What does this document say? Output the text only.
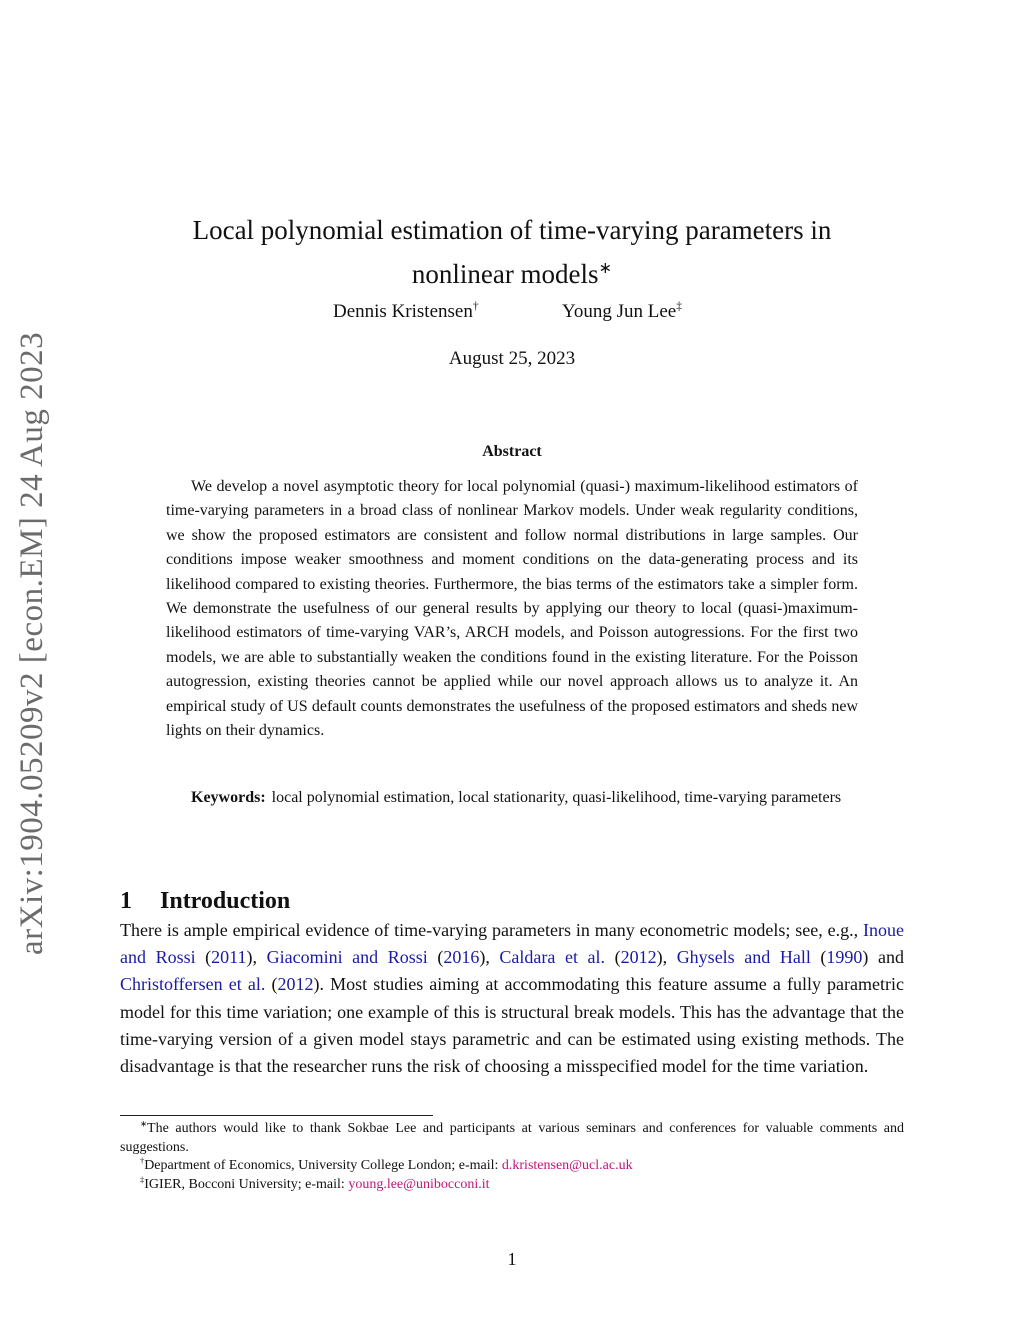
arXiv:1904.05209v2 [econ.EM] 24 Aug 2023
Local polynomial estimation of time-varying parameters in
nonlinear models∗
Dennis Kristensen†	Young Jun Lee‡
August 25, 2023
Abstract

We develop a novel asymptotic theory for local polynomial (quasi-) maximum-likelihood estimators of time-varying parameters in a broad class of nonlinear Markov models. Under weak regularity conditions, we show the proposed estimators are consistent and follow normal distributions in large samples. Our conditions impose weaker smoothness and moment conditions on the data-generating process and its likelihood compared to existing theories. Furthermore, the bias terms of the estimators take a simpler form. We demonstrate the usefulness of our general results by applying our theory to local (quasi-)maximum-likelihood estimators of time-varying VAR’s, ARCH models, and Poisson autogressions. For the first two models, we are able to substantially weaken the conditions found in the existing literature. For the Poisson autogression, existing theories cannot be applied while our novel approach allows us to analyze it. An empirical study of US default counts demonstrates the usefulness of the proposed estimators and sheds new lights on their dynamics.

Keywords: local polynomial estimation, local stationarity, quasi-likelihood, time-varying parameters

1 Introduction

There is ample empirical evidence of time-varying parameters in many econometric models; see, e.g., Inoue and Rossi (2011), Giacomini and Rossi (2016), Caldara et al. (2012), Ghysels and Hall (1990) and Christoffersen et al. (2012). Most studies aiming at accommodating this feature assume a fully parametric model for this time variation; one example of this is structural break models. This has the advantage that the time-varying version of a given model stays parametric and can be estimated using existing methods. The disadvantage is that the researcher runs the risk of choosing a misspecified model for the time variation.

∗The authors would like to thank Sokbae Lee and participants at various seminars and conferences for valuable comments and suggestions.

†Department of Economics, University College London; e-mail: d.kristensen@ucl.ac.uk

‡IGIER, Bocconi University; e-mail: young.lee@unibocconi.it

1
